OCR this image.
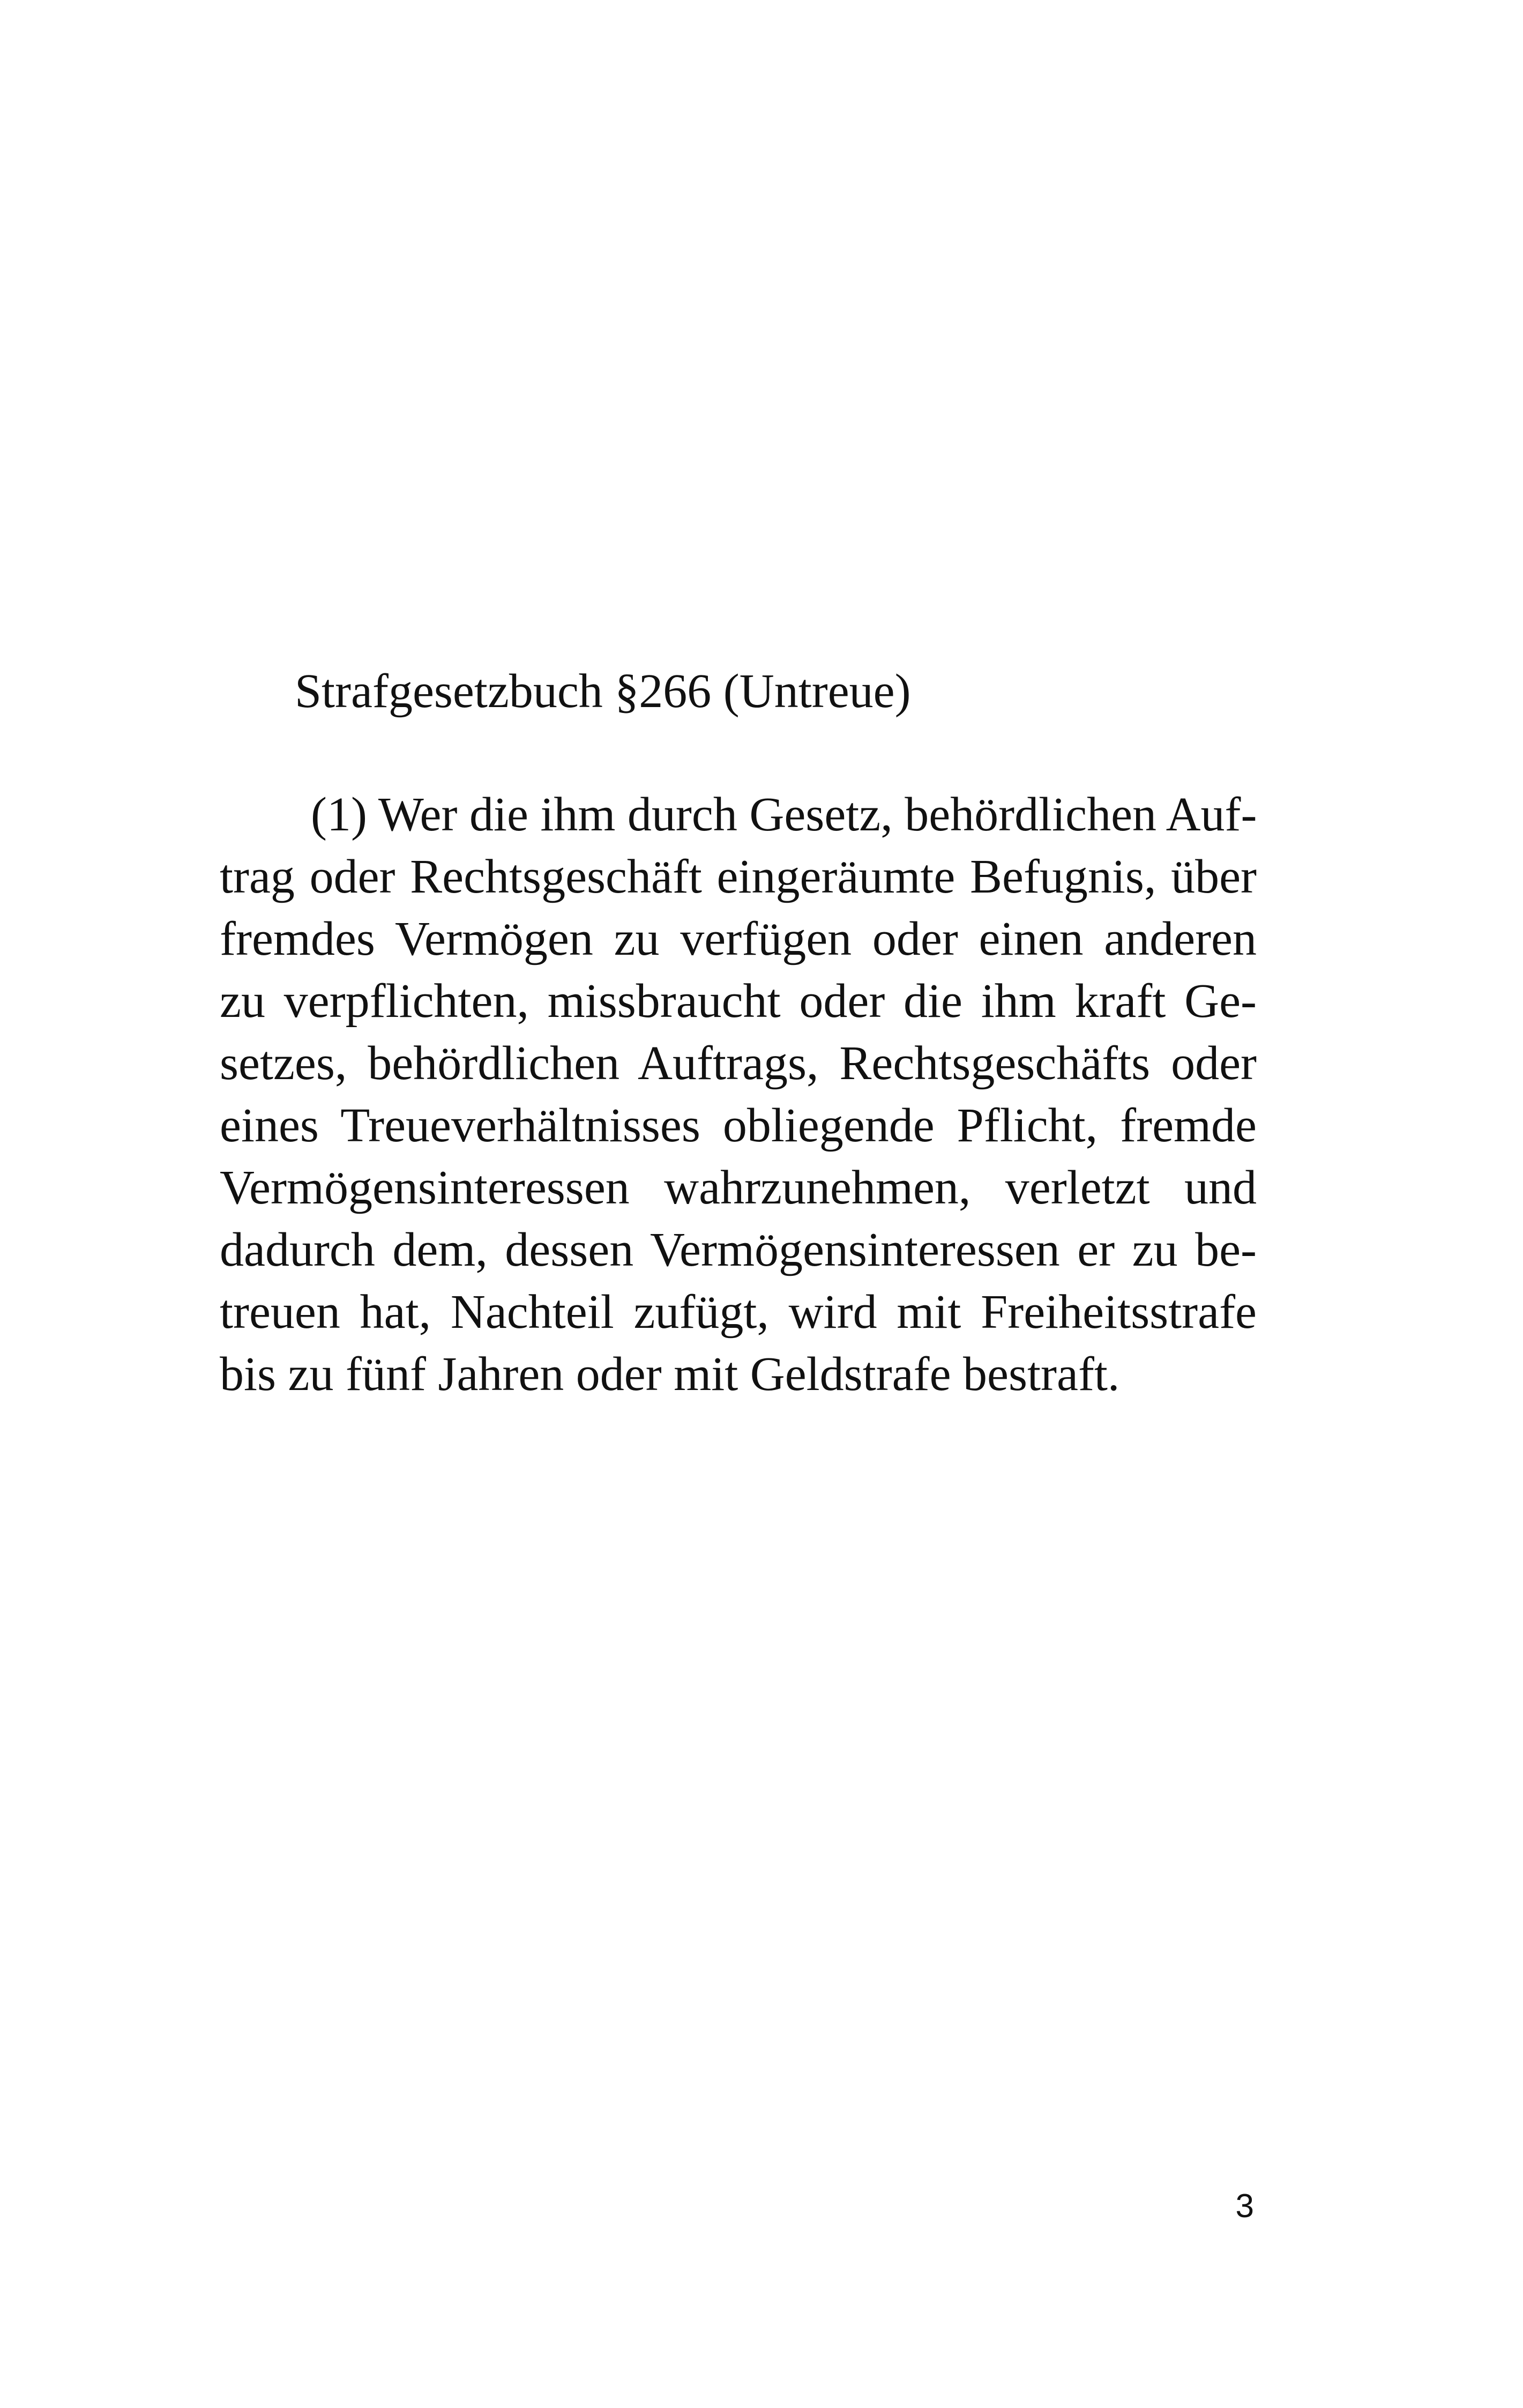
Strafgesetzbuch §266 (Untreue)
(1) Wer die ihm durch Gesetz, behördlichen Auf-
trag oder Rechtsgeschäft eingeräumte Befugnis, über
fremdes Vermögen zu verfügen oder einen anderen
zu verpflichten, missbraucht oder die ihm kraft Ge-
setzes, behördlichen Auftrags, Rechtsgeschäfts oder
eines Treueverhältnisses obliegende Pflicht, fremde
Vermögensinteressen wahrzunehmen, verletzt und
dadurch dem, dessen Vermögensinteressen er zu be-
treuen hat, Nachteil zufügt, wird mit Freiheitsstrafe
bis zu fünf Jahren oder mit Geldstrafe bestraft.
3
